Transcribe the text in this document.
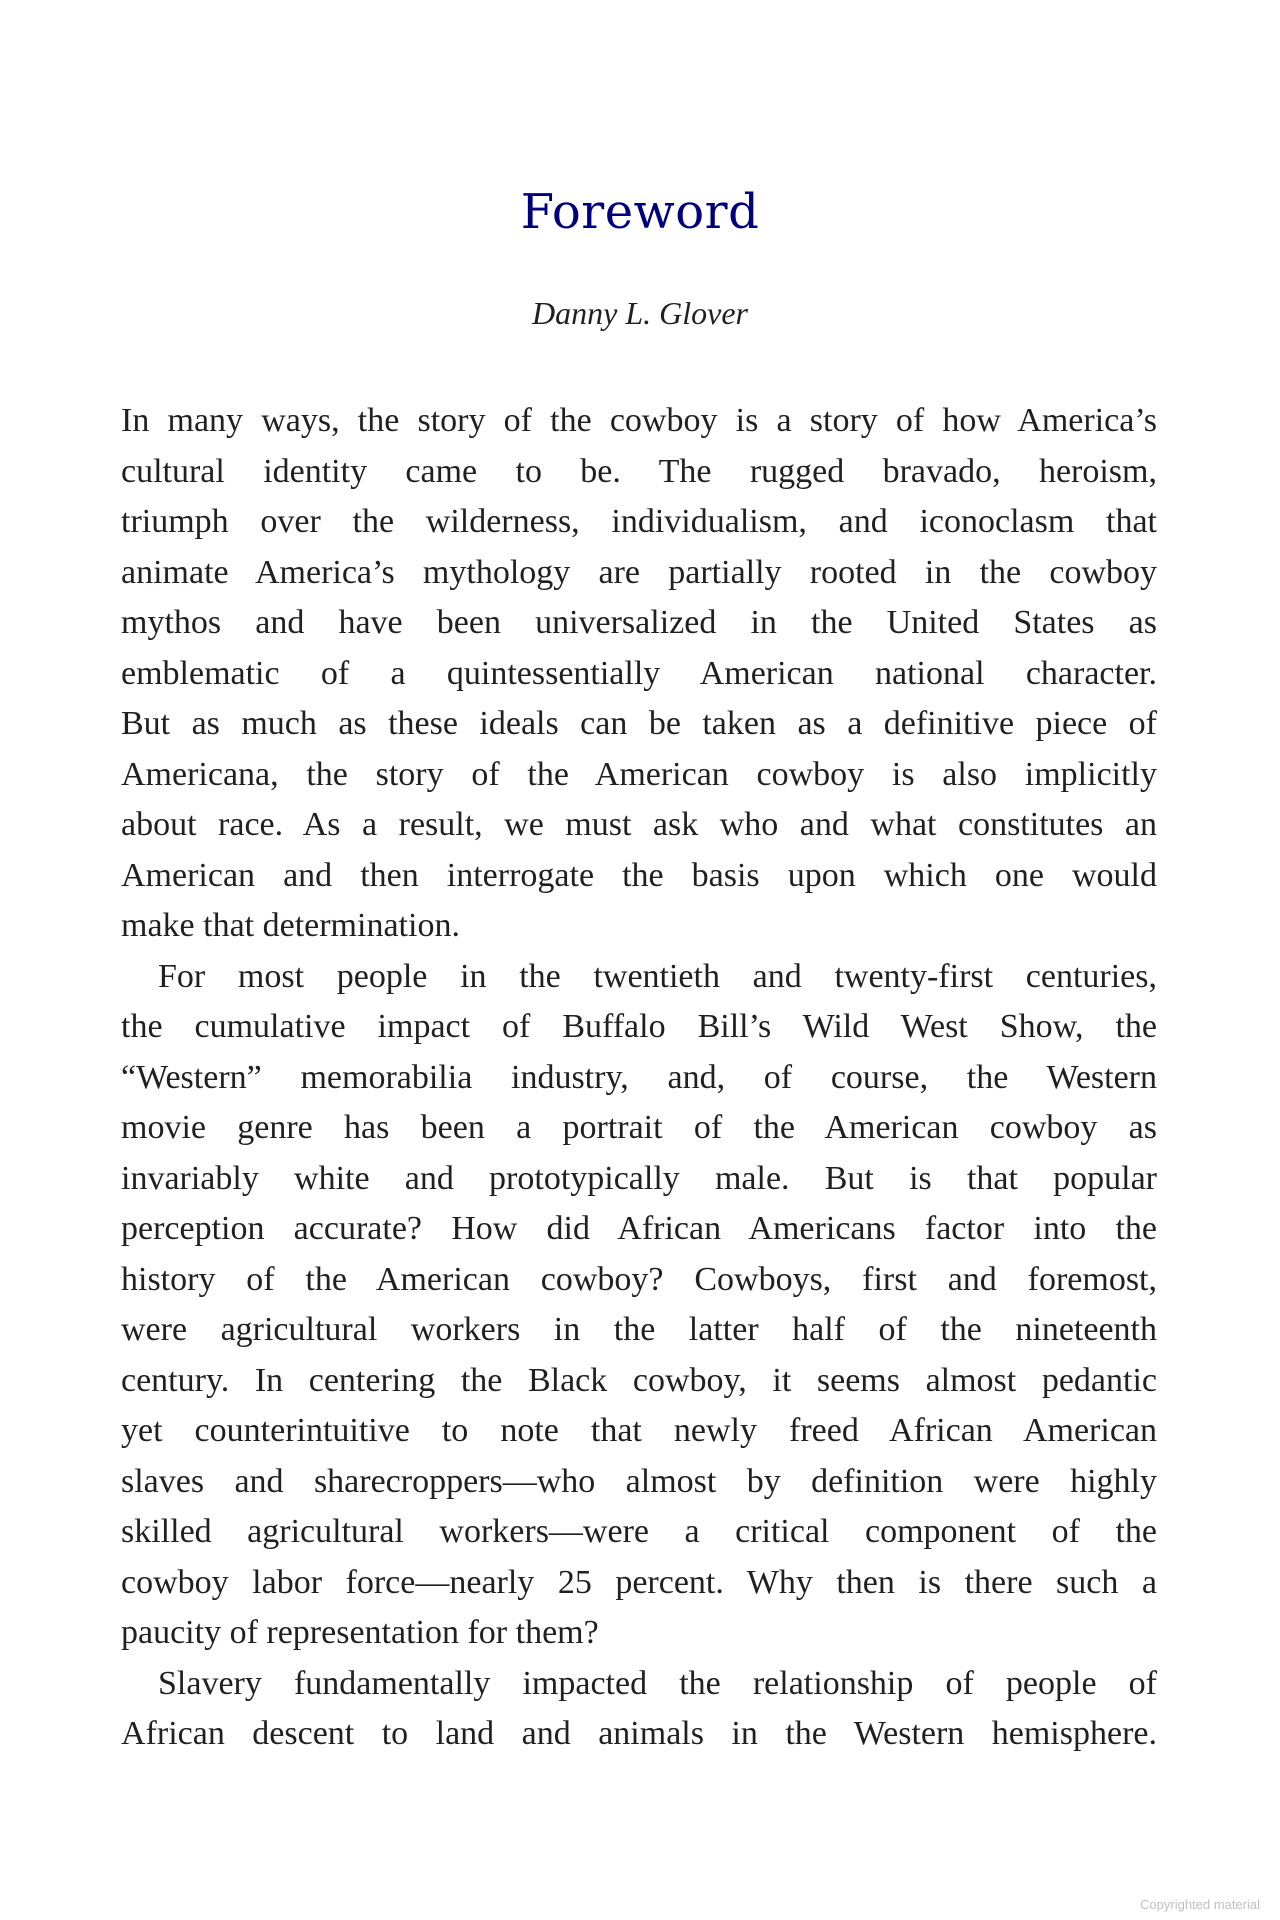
Foreword
Danny L. Glover
In many ways, the story of the cowboy is a story of how America’s
cultural identity came to be. The rugged bravado, heroism,
triumph over the wilderness, individualism, and iconoclasm that
animate America’s mythology are partially rooted in the cowboy
mythos and have been universalized in the United States as
emblematic of a quintessentially American national character.
But as much as these ideals can be taken as a definitive piece of
Americana, the story of the American cowboy is also implicitly
about race. As a result, we must ask who and what constitutes an
American and then interrogate the basis upon which one would
make that determination.
For most people in the twentieth and twenty-first centuries,
the cumulative impact of Buffalo Bill’s Wild West Show, the
“Western” memorabilia industry, and, of course, the Western
movie genre has been a portrait of the American cowboy as
invariably white and prototypically male. But is that popular
perception accurate? How did African Americans factor into the
history of the American cowboy? Cowboys, first and foremost,
were agricultural workers in the latter half of the nineteenth
century. In centering the Black cowboy, it seems almost pedantic
yet counterintuitive to note that newly freed African American
slaves and sharecroppers—who almost by definition were highly
skilled agricultural workers—were a critical component of the
cowboy labor force—nearly 25 percent. Why then is there such a
paucity of representation for them?
Slavery fundamentally impacted the relationship of people of
African descent to land and animals in the Western hemisphere.
Copyrighted material
